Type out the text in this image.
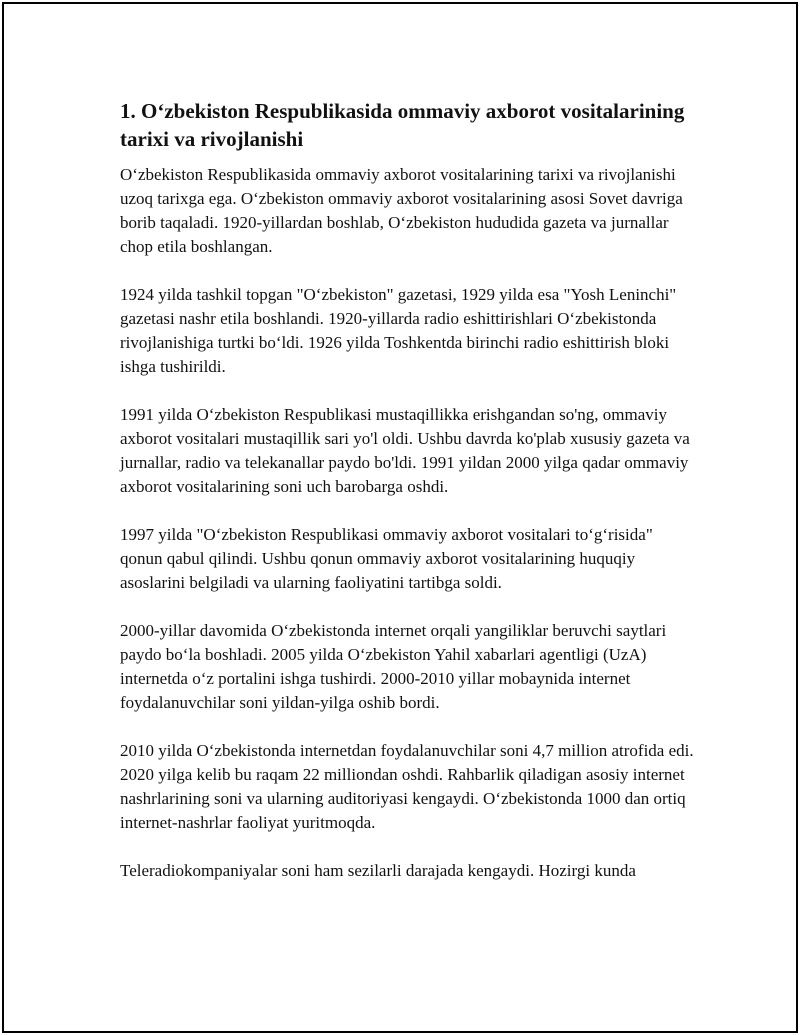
1. O‘zbekiston Respublikasida ommaviy axborot vositalarining tarixi va rivojlanishi

O‘zbekiston Respublikasida ommaviy axborot vositalarining tarixi va rivojlanishi uzoq tarixga ega. O‘zbekiston ommaviy axborot vositalarining asosi Sovet davriga borib taqaladi. 1920-yillardan boshlab, O‘zbekiston hududida gazeta va jurnallar chop etila boshlangan.

1924 yilda tashkil topgan "O‘zbekiston" gazetasi, 1929 yilda esa "Yosh Leninchi" gazetasi nashr etila boshlandi. 1920-yillarda radio eshittirishlari O‘zbekistonda rivojlanishiga turtki bo‘ldi. 1926 yilda Toshkentda birinchi radio eshittirish bloki ishga tushirildi.

1991 yilda O‘zbekiston Respublikasi mustaqillikka erishgandan so'ng, ommaviy axborot vositalari mustaqillik sari yo'l oldi. Ushbu davrda ko'plab xususiy gazeta va jurnallar, radio va telekanallar paydo bo'ldi. 1991 yildan 2000 yilga qadar ommaviy axborot vositalarining soni uch barobarga oshdi.

1997 yilda "O‘zbekiston Respublikasi ommaviy axborot vositalari to‘g‘risida" qonun qabul qilindi. Ushbu qonun ommaviy axborot vositalarining huquqiy asoslarini belgiladi va ularning faoliyatini tartibga soldi.

2000-yillar davomida O‘zbekistonda internet orqali yangiliklar beruvchi saytlari paydo bo‘la boshladi. 2005 yilda O‘zbekiston Yahil xabarlari agentligi (UzA) internetda o‘z portalini ishga tushirdi. 2000-2010 yillar mobaynida internet foydalanuvchilar soni yildan-yilga oshib bordi.

2010 yilda O‘zbekistonda internetdan foydalanuvchilar soni 4,7 million atrofida edi. 2020 yilga kelib bu raqam 22 milliondan oshdi. Rahbarlik qiladigan asosiy internet nashrlarining soni va ularning auditoriyasi kengaydi. O‘zbekistonda 1000 dan ortiq internet-nashrlar faoliyat yuritmoqda.

Teleradiokompaniyalar soni ham sezilarli darajada kengaydi. Hozirgi kunda
